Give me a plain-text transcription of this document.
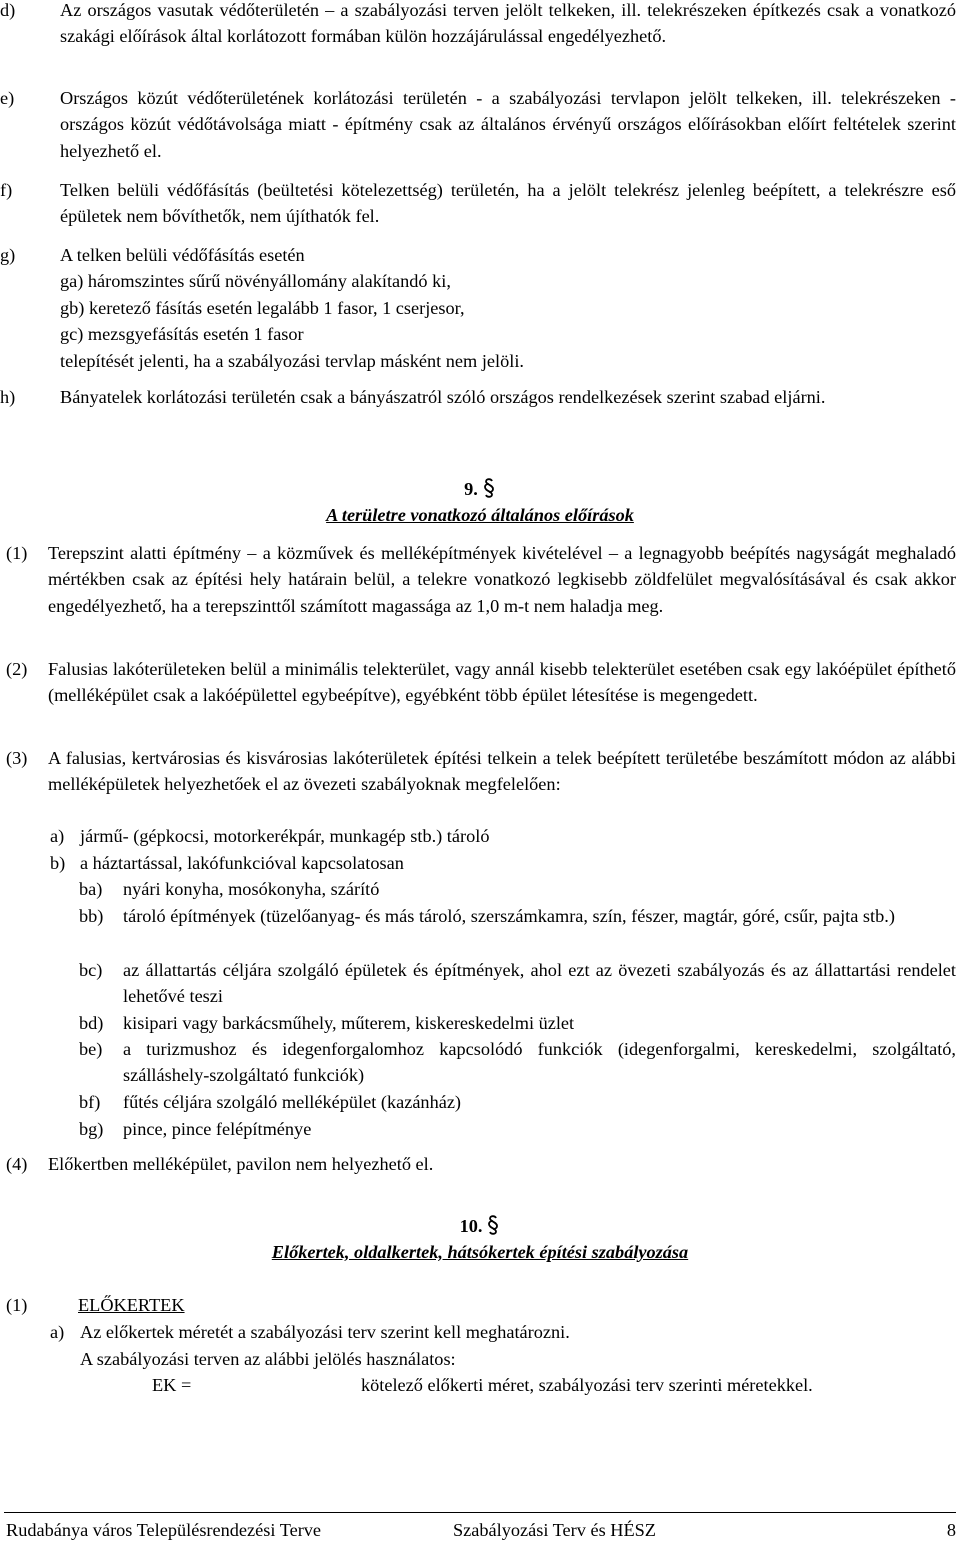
d) Az országos vasutak védőterületén – a szabályozási terven jelölt telkeken, ill. telekrészeken építkezés csak a vonatkozó szakági előírások által korlátozott formában külön hozzájárulással engedélyezhető.
e)	Országos közút védőterületének korlátozási területén - a szabályozási tervlapon jelölt telkeken, ill. telekrészeken - országos közút védőtávolsága miatt - építmény csak az általános érvényű országos előírásokban előírt feltételek szerint helyezhető el.
f)	Telken belüli védőfásítás (beültetési kötelezettség) területén, ha a jelölt telekrész jelenleg beépített, a telekrészre eső épületek nem bővíthetők, nem újíthatók fel.
g) A telken belüli védőfásítás esetén
ga) háromszintes sűrű növényállomány alakítandó ki,
gb) keretező fásítás esetén legalább 1 fasor, 1 cserjesor,
gc) mezsgyefásítás esetén 1 fasor
telepítését jelenti, ha a szabályozási tervlap másként nem jelöli.
h) Bányatelek korlátozási területén csak a bányászatról szóló országos rendelkezések szerint szabad eljárni.
9.
A területre vonatkozó általános előírások
(1) Terepszint alatti építmény – a közművek és melléképítmények kivételével – a legnagyobb beépítés nagyságát meghaladó mértékben csak az építési hely határain belül, a telekre vonatkozó legkisebb zöldfelület megvalósításával és csak akkor engedélyezhető, ha a terepszinttől számított magassága az 1,0 m-t nem haladja meg.
(2) Falusias lakóterületeken belül a minimális telekterület, vagy annál kisebb telekterület esetében csak egy lakóépület építhető (melléképület csak a lakóépülettel egybeépítve), egyébként több épület létesítése is megengedett.
(3) A falusias, kertvárosias és kisvárosias lakóterületek építési telkein a telek beépített területébe beszámított módon az alábbi melléképületek helyezhetőek el az övezeti szabályoknak megfelelően:
a) jármű- (gépkocsi, motorkerékpár, munkagép stb.) tároló
b) a háztartással, lakófunkcióval kapcsolatosan
ba) nyári konyha, mosókonyha, szárító
bb) tároló építmények (tüzelőanyag- és más tároló, szerszámkamra, szín, fészer, magtár, góré, csűr, pajta stb.)
bc) az állattartás céljára szolgáló épületek és építmények, ahol ezt az övezeti szabályozás és az állattartási rendelet lehetővé teszi
bd) kisipari vagy barkácsműhely, műterem, kiskereskedelmi üzlet
be) a turizmushoz és idegenforgalomhoz kapcsolódó funkciók (idegenforgalmi, kereskedelmi, szolgáltató, szálláshely-szolgáltató funkciók)
bf) fűtés céljára szolgáló melléképület (kazánház)
bg) pince, pince felépítménye
(4) Előkertben melléképület, pavilon nem helyezhető el.
10.
Előkertek, oldalkertek, hátsókertek építési szabályozása
(1)	ELŐKERTEK
a) Az előkertek méretét a szabályozási terv szerint kell meghatározni.
A szabályozási terven az alábbi jelölés használatos:
EK =	kötelező előkerti méret, szabályozási terv szerinti méretekkel.
Rudabánya város Településrendezési Terve	Szabályozási Terv és HÉSZ	8
